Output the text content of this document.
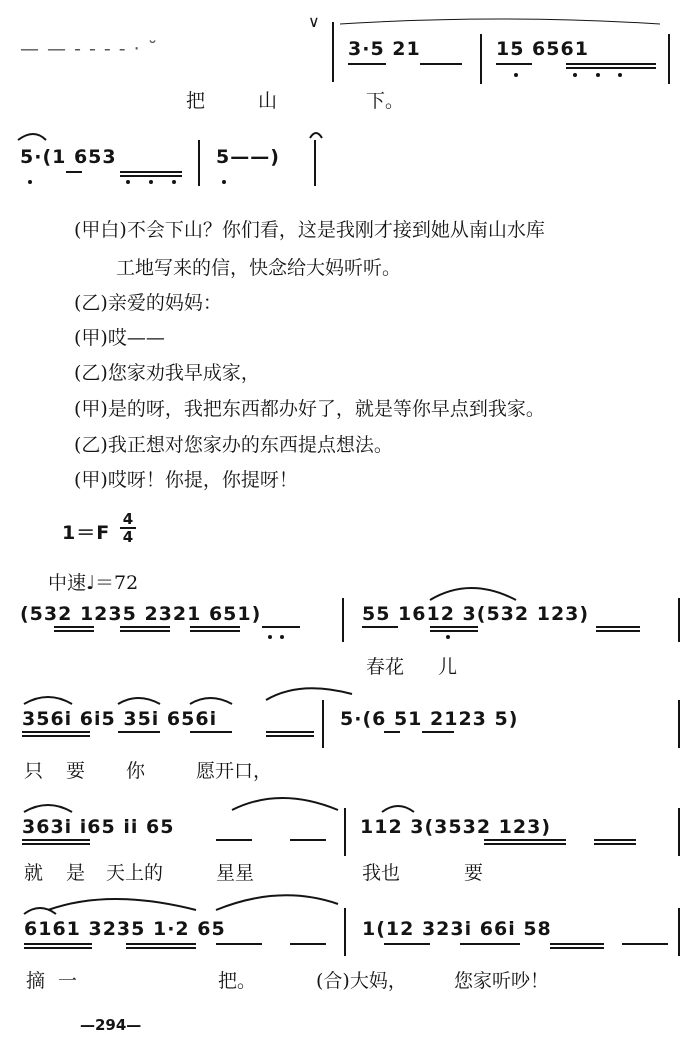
— — - - - - ‧ ˘
∨
3·5 21	15 6561
把	山	下。
5·(1 653	5——)
(甲白)不会下山？你们看，这是我刚才接到她从南山水库
工地写来的信，快念给大妈听听。
(乙)亲爱的妈妈：
(甲)哎——
(乙)您家劝我早成家，
(甲)是的呀，我把东西都办好了，就是等你早点到我家。
(乙)我正想对您家办的东西提点想法。
(甲)哎呀！你提，你提呀！
$1=F \frac{4}{4}$
中速♩＝72
(532 1235 2321 651)	55 1612 3(532 123)
春花 儿
356i 6i5 35i 656i	5·(6 51 2123 5)
只 要 你	愿开口，
363i i65 ii 65	112 3(3532 123)
就 是 天上的	星星	我也	要
6161 3235 1·2 65	1(12 323i 66i 58
摘 一	把。	(合)大妈， 您家听吵！
—294—
